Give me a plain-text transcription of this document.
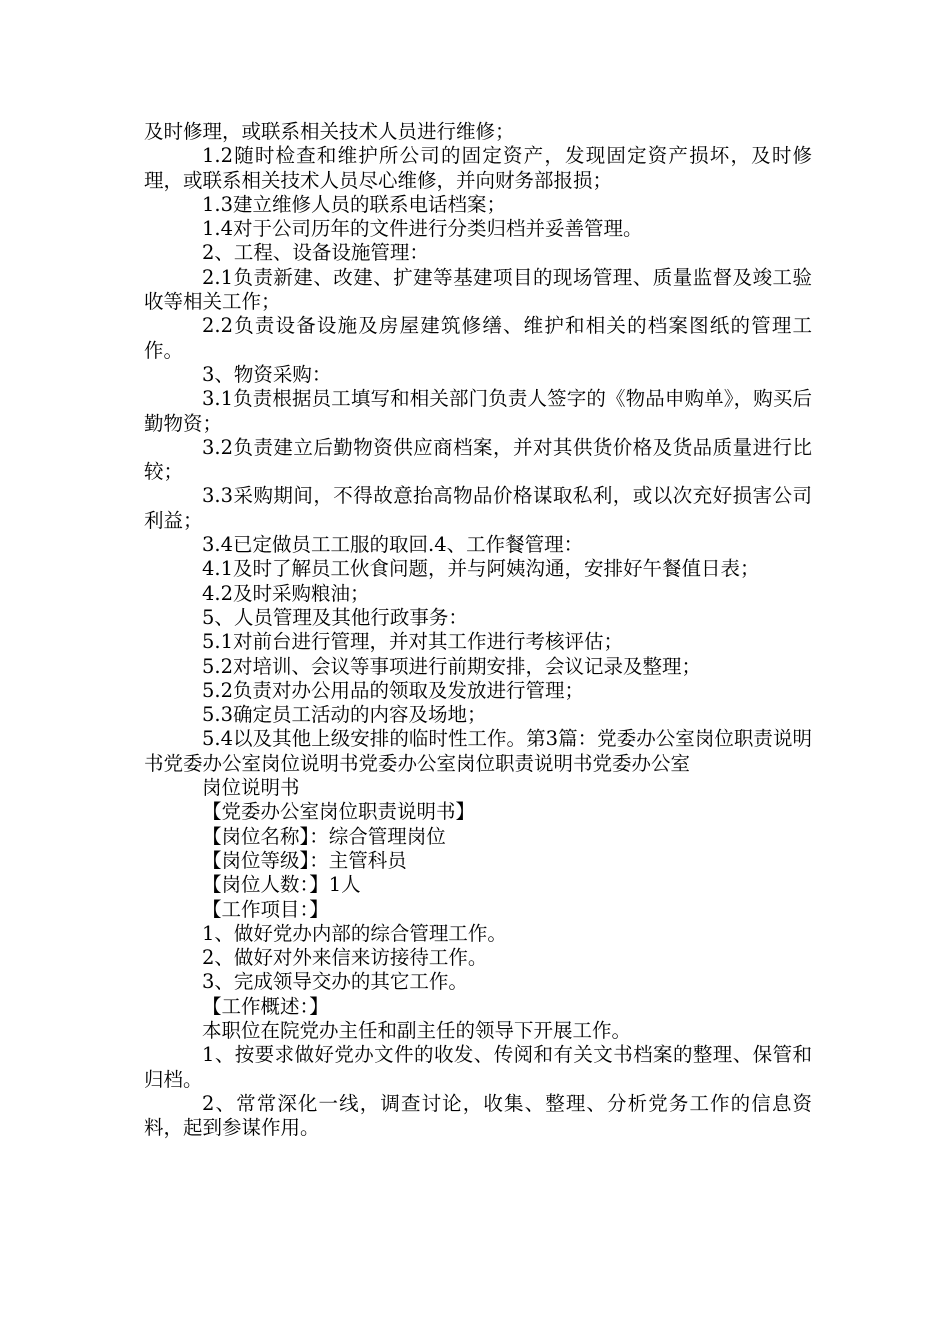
及时修理，或联系相关技术人员进行维修；

1.2随时检查和维护所公司的固定资产，发现固定资产损坏，及时修理，或联系相关技术人员尽心维修，并向财务部报损；

1.3建立维修人员的联系电话档案；

1.4对于公司历年的文件进行分类归档并妥善管理。

2、工程、设备设施管理：

2.1负责新建、改建、扩建等基建项目的现场管理、质量监督及竣工验收等相关工作；

2.2负责设备设施及房屋建筑修缮、维护和相关的档案图纸的管理工作。

3、物资采购：

3.1负责根据员工填写和相关部门负责人签字的《物品申购单》，购买后勤物资；

3.2负责建立后勤物资供应商档案，并对其供货价格及货品质量进行比较；

3.3采购期间，不得故意抬高物品价格谋取私利，或以次充好损害公司利益；

3.4已定做员工工服的取回.4、工作餐管理：

4.1及时了解员工伙食问题，并与阿姨沟通，安排好午餐值日表；

4.2及时采购粮油；

5、人员管理及其他行政事务：

5.1对前台进行管理，并对其工作进行考核评估；

5.2对培训、会议等事项进行前期安排，会议记录及整理；

5.2负责对办公用品的领取及发放进行管理；

5.3确定员工活动的内容及场地；

5.4以及其他上级安排的临时性工作。第3篇：党委办公室岗位职责说明书党委办公室岗位说明书党委办公室岗位职责说明书党委办公室

岗位说明书

【党委办公室岗位职责说明书】

【岗位名称】：综合管理岗位

【岗位等级】：主管科员

【岗位人数：】1人

【工作项目：】

1、做好党办内部的综合管理工作。

2、做好对外来信来访接待工作。

3、完成领导交办的其它工作。

【工作概述：】

本职位在院党办主任和副主任的领导下开展工作。

1、按要求做好党办文件的收发、传阅和有关文书档案的整理、保管和归档。

2、常常深化一线，调查讨论，收集、整理、分析党务工作的信息资料，起到参谋作用。
